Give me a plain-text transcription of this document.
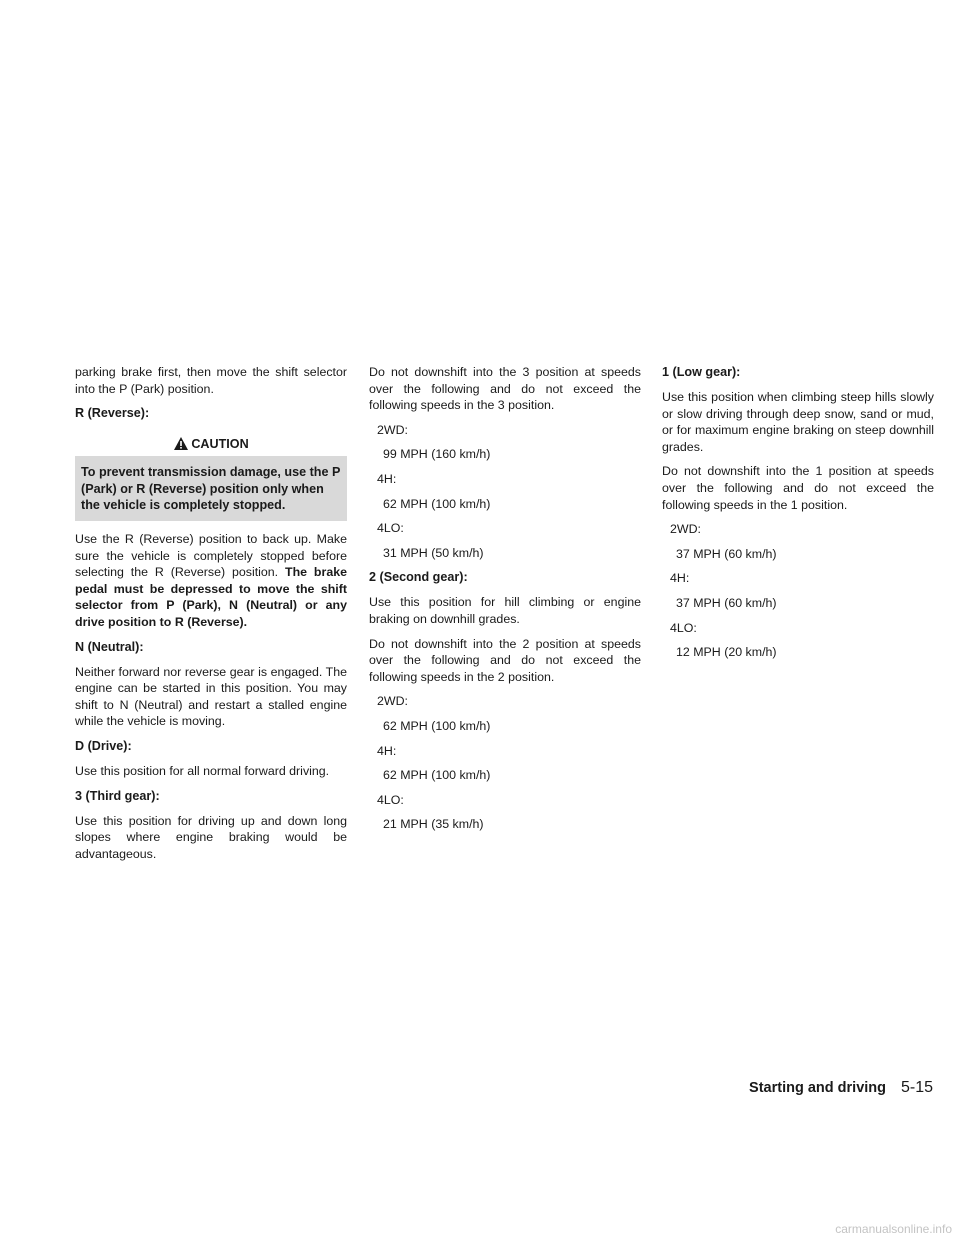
parking brake first, then move the shift selector into the P (Park) position.

R (Reverse):
CAUTION
To prevent transmission damage, use the P (Park) or R (Reverse) position only when the vehicle is completely stopped.

Use the R (Reverse) position to back up. Make sure the vehicle is completely stopped before selecting the R (Reverse) position. The brake pedal must be depressed to move the shift selector from P (Park), N (Neutral) or any drive position to R (Reverse).

N (Neutral):

Neither forward nor reverse gear is engaged. The engine can be started in this position. You may shift to N (Neutral) and restart a stalled engine while the vehicle is moving.

D (Drive):

Use this position for all normal forward driving.

3 (Third gear):

Use this position for driving up and down long slopes where engine braking would be advantageous.

Do not downshift into the 3 position at speeds over the following and do not exceed the following speeds in the 3 position.

2WD:
99 MPH (160 km/h)
4H:
62 MPH (100 km/h)
4LO:
31 MPH (50 km/h)
2 (Second gear):

Use this position for hill climbing or engine braking on downhill grades.

Do not downshift into the 2 position at speeds over the following and do not exceed the following speeds in the 2 position.

2WD:
62 MPH (100 km/h)
4H:
62 MPH (100 km/h)
4LO:
21 MPH (35 km/h)
1 (Low gear):

Use this position when climbing steep hills slowly or slow driving through deep snow, sand or mud, or for maximum engine braking on steep downhill grades.

Do not downshift into the 1 position at speeds over the following and do not exceed the following speeds in the 1 position.

2WD:
37 MPH (60 km/h)
4H:
37 MPH (60 km/h)
4LO:
12 MPH (20 km/h)
Starting and driving 5-15
carmanualsonline.info
